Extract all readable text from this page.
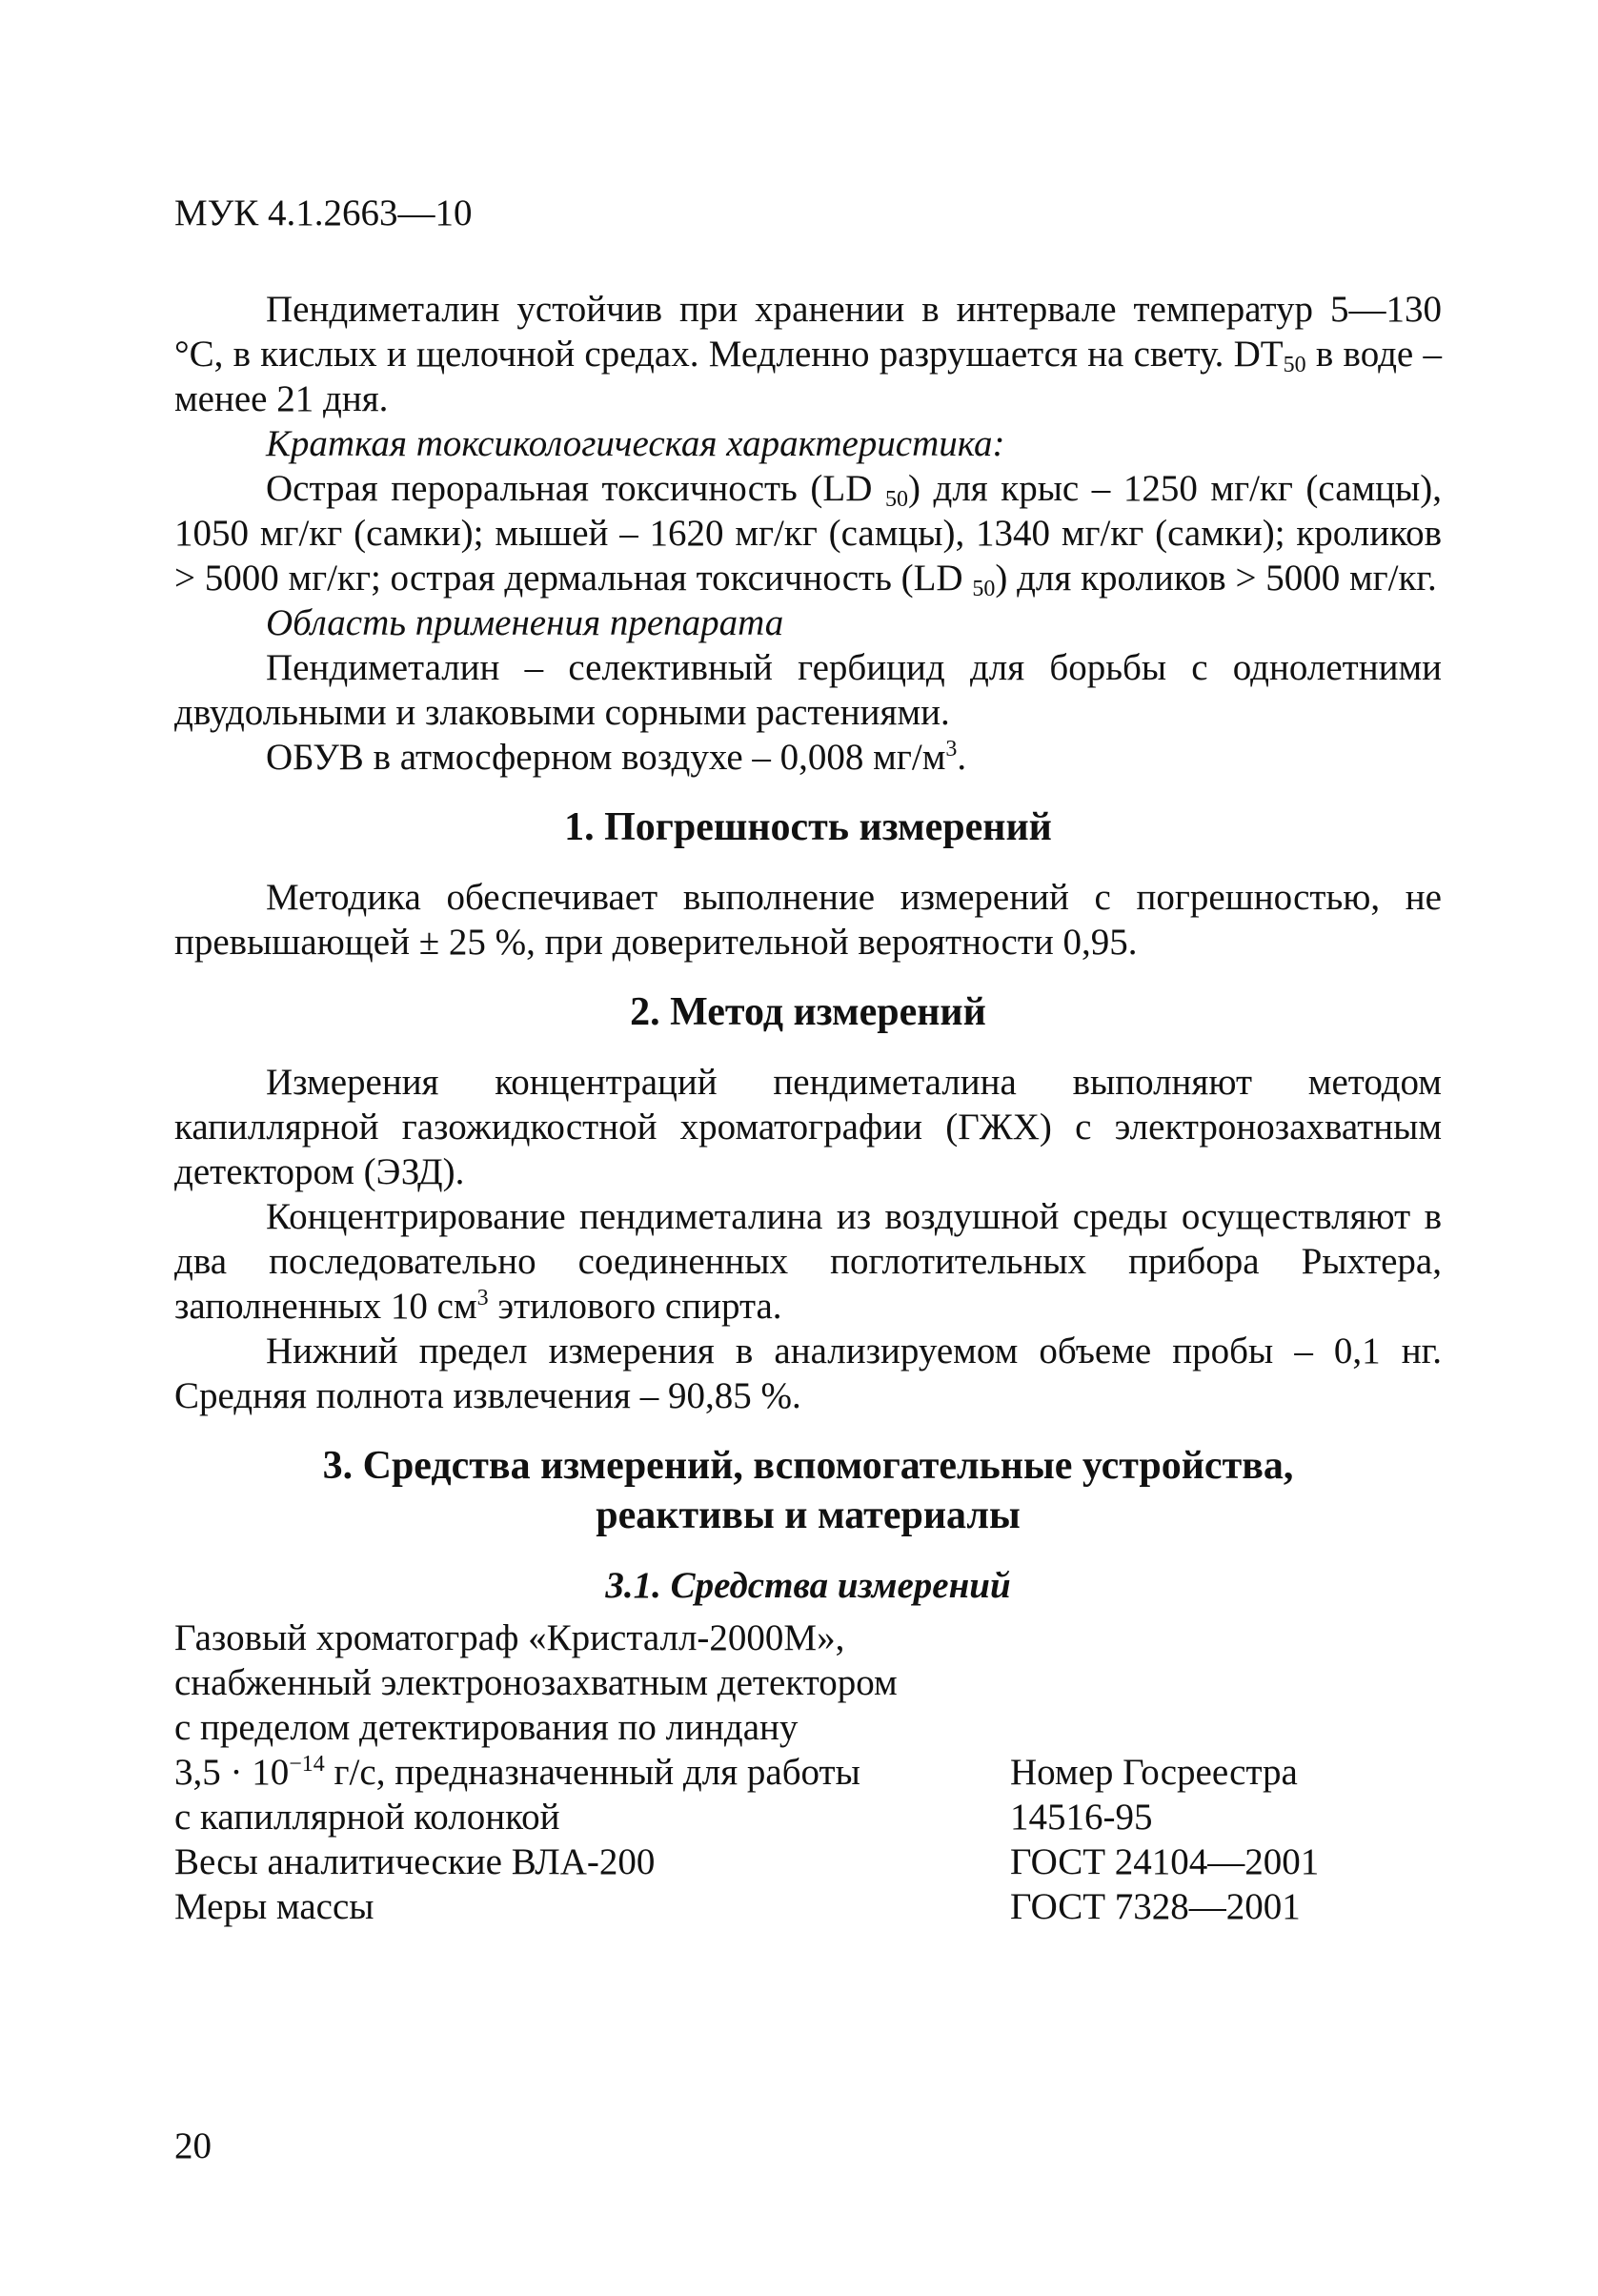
МУК 4.1.2663—10

Пендиметалин устойчив при хранении в интервале температур 5—130 °С, в кислых и щелочной средах. Медленно разрушается на свету. $DT_{50}$ в воде – менее 21 дня.

Краткая токсикологическая характеристика:

Острая пероральная токсичность (LD $_{50}$) для крыс – 1250 мг/кг (самцы), 1050 мг/кг (самки); мышей – 1620 мг/кг (самцы), 1340 мг/кг (самки); кроликов > 5000 мг/кг; острая дермальная токсичность (LD $_{50}$) для кроликов > 5000 мг/кг.

Область применения препарата

Пендиметалин – селективный гербицид для борьбы с однолетними двудольными и злаковыми сорными растениями.

ОБУВ в атмосферном воздухе – 0,008 $мг/м^3$.

1. Погрешность измерений

Методика обеспечивает выполнение измерений с погрешностью, не превышающей ± 25 %, при доверительной вероятности 0,95.

2. Метод измерений

Измерения концентраций пендиметалина выполняют методом капиллярной газожидкостной хроматографии (ГЖХ) с электронозахватным детектором (ЭЗД).

Концентрирование пендиметалина из воздушной среды осуществляют в два последовательно соединенных поглотительных прибора Рыхтера, заполненных 10 $см^3$ этилового спирта.

Нижний предел измерения в анализируемом объеме пробы – 0,1 нг. Средняя полнота извлечения – 90,85 %.

3. Средства измерений, вспомогательные устройства,
реактивы и материалы
3.1. Средства измерений
Газовый хроматограф «Кристалл-2000М»,
снабженный электронозахватным детектором
с пределом детектирования по линдану
$3,5 \cdot 10^{-14}$ г/с, предназначенный для работы	Номер Госреестра
с капиллярной колонкой	14516-95
Весы аналитические ВЛА-200	ГОСТ 24104—2001
Меры массы	ГОСТ 7328—2001
20
